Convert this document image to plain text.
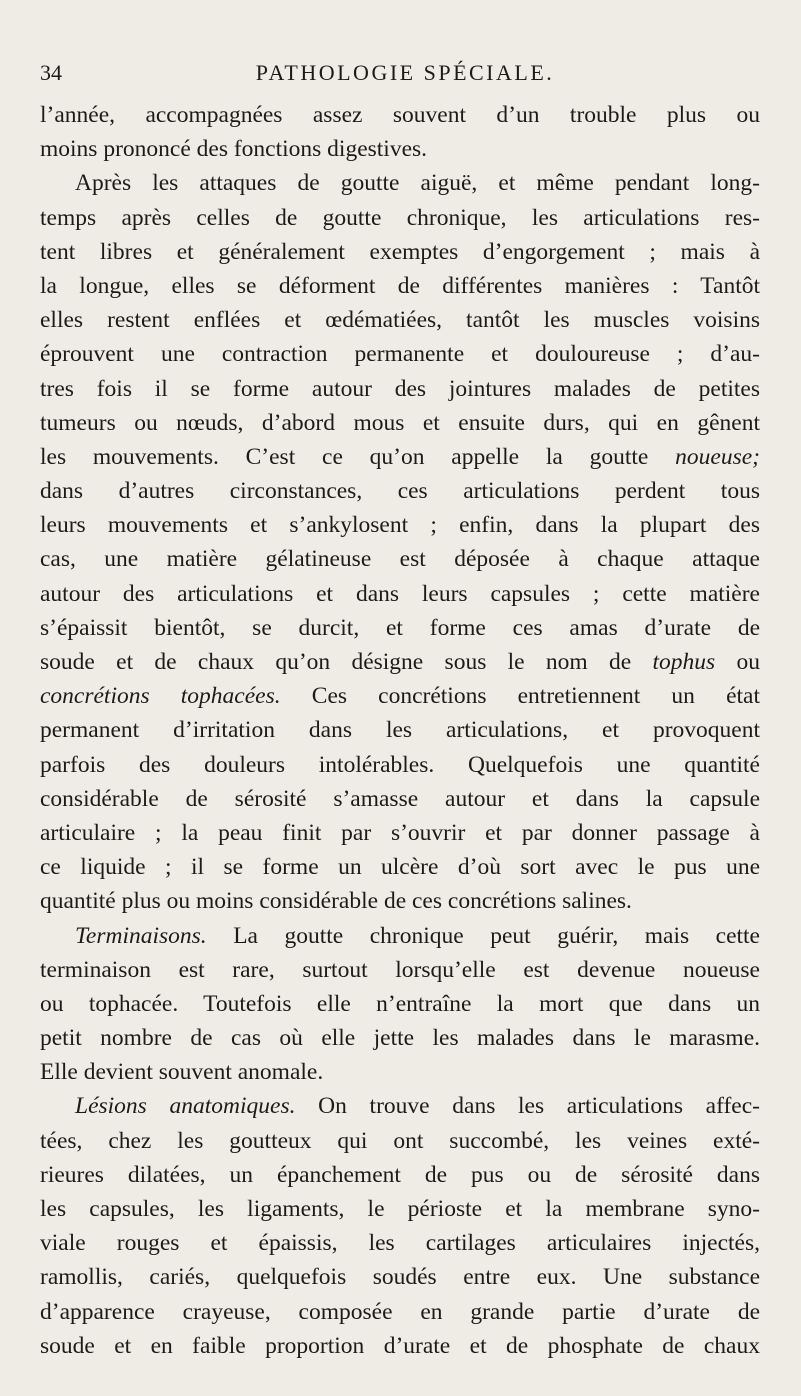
34	PATHOLOGIE SPÉCIALE.
l’année, accompagnées assez souvent d’un trouble plus ou
moins prononcé des fonctions digestives.
Après les attaques de goutte aiguë, et même pendant long-
temps après celles de goutte chronique, les articulations res-
tent libres et généralement exemptes d’engorgement ; mais à
la longue, elles se déforment de différentes manières : Tantôt
elles restent enflées et œdématiées, tantôt les muscles voisins
éprouvent une contraction permanente et douloureuse ; d’au-
tres fois il se forme autour des jointures malades de petites
tumeurs ou nœuds, d’abord mous et ensuite durs, qui en gênent
les mouvements. C’est ce qu’on appelle la goutte noueuse;
dans d’autres circonstances, ces articulations perdent tous
leurs mouvements et s’ankylosent ; enfin, dans la plupart des
cas, une matière gélatineuse est déposée à chaque attaque
autour des articulations et dans leurs capsules ; cette matière
s’épaissit bientôt, se durcit, et forme ces amas d’urate de
soude et de chaux qu’on désigne sous le nom de tophus ou
concrétions tophacées. Ces concrétions entretiennent un état
permanent d’irritation dans les articulations, et provoquent
parfois des douleurs intolérables. Quelquefois une quantité
considérable de sérosité s’amasse autour et dans la capsule
articulaire ; la peau finit par s’ouvrir et par donner passage à
ce liquide ; il se forme un ulcère d’où sort avec le pus une
quantité plus ou moins considérable de ces concrétions salines.
Terminaisons. La goutte chronique peut guérir, mais cette
terminaison est rare, surtout lorsqu’elle est devenue noueuse
ou tophacée. Toutefois elle n’entraîne la mort que dans un
petit nombre de cas où elle jette les malades dans le marasme.
Elle devient souvent anomale.
Lésions anatomiques. On trouve dans les articulations affec-
tées, chez les goutteux qui ont succombé, les veines exté-
rieures dilatées, un épanchement de pus ou de sérosité dans
les capsules, les ligaments, le périoste et la membrane syno-
viale rouges et épaissis, les cartilages articulaires injectés,
ramollis, cariés, quelquefois soudés entre eux. Une substance
d’apparence crayeuse, composée en grande partie d’urate de
soude et en faible proportion d’urate et de phosphate de chaux
